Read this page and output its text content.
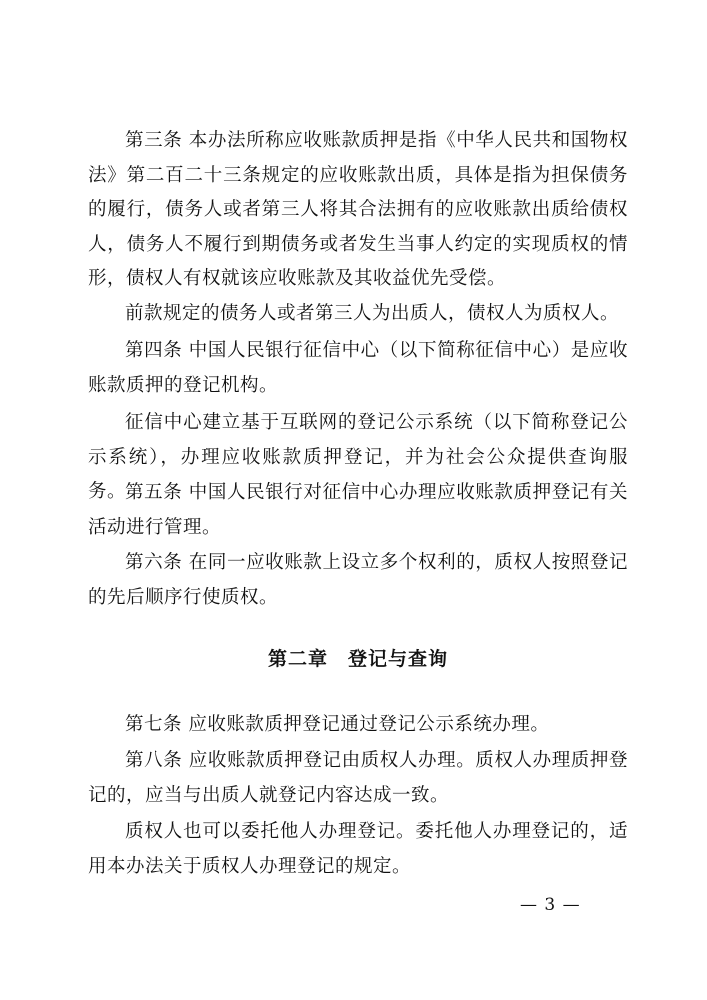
第三条 本办法所称应收账款质押是指《中华人民共和国物权法》第二百二十三条规定的应收账款出质，具体是指为担保债务的履行，债务人或者第三人将其合法拥有的应收账款出质给债权人，债务人不履行到期债务或者发生当事人约定的实现质权的情形，债权人有权就该应收账款及其收益优先受偿。

前款规定的债务人或者第三人为出质人，债权人为质权人。

第四条 中国人民银行征信中心（以下简称征信中心）是应收账款质押的登记机构。

征信中心建立基于互联网的登记公示系统（以下简称登记公示系统），办理应收账款质押登记，并为社会公众提供查询服务。

第五条 中国人民银行对征信中心办理应收账款质押登记有关活动进行管理。

第六条 在同一应收账款上设立多个权利的，质权人按照登记的先后顺序行使质权。

第二章　登记与查询

第七条 应收账款质押登记通过登记公示系统办理。

第八条 应收账款质押登记由质权人办理。质权人办理质押登记的，应当与出质人就登记内容达成一致。

质权人也可以委托他人办理登记。委托他人办理登记的，适用本办法关于质权人办理登记的规定。

— 3 —
